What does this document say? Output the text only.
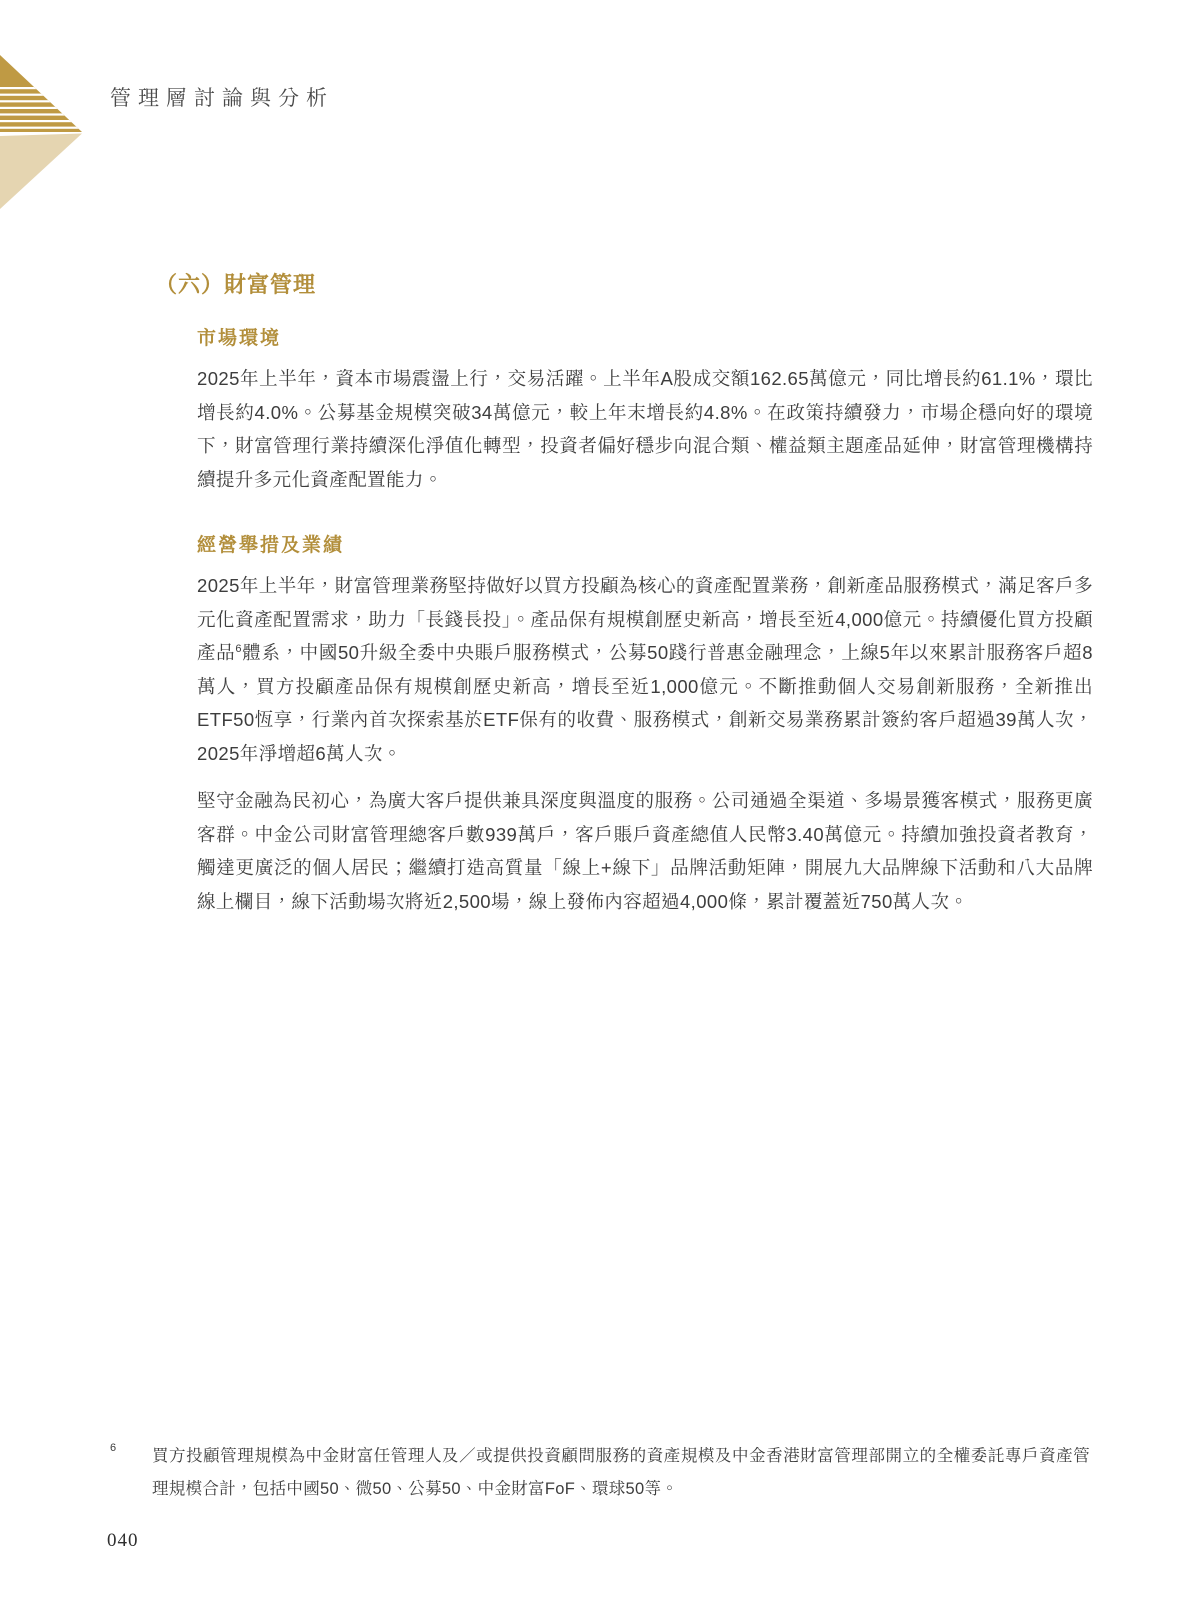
管理層討論與分析
（六）財富管理
市場環境

2025年上半年，資本市場震盪上行，交易活躍。上半年A股成交額162.65萬億元，同比增長約61.1%，環比增長約4.0%。公募基金規模突破34萬億元，較上年末增長約4.8%。在政策持續發力，市場企穩向好的環境下，財富管理行業持續深化淨值化轉型，投資者偏好穩步向混合類、權益類主題產品延伸，財富管理機構持續提升多元化資產配置能力。

經營舉措及業績

2025年上半年，財富管理業務堅持做好以買方投顧為核心的資產配置業務，創新產品服務模式，滿足客戶多元化資產配置需求，助力「長錢長投」。產品保有規模創歷史新高，增長至近4,000億元。持續優化買方投顧產品$^6$體系，中國50升級全委中央賬戶服務模式，公募50踐行普惠金融理念，上線5年以來累計服務客戶超8萬人，買方投顧產品保有規模創歷史新高，增長至近1,000億元。不斷推動個人交易創新服務，全新推出ETF50恆享，行業內首次探索基於ETF保有的收費、服務模式，創新交易業務累計簽約客戶超過39萬人次，2025年淨增超6萬人次。

堅守金融為民初心，為廣大客戶提供兼具深度與溫度的服務。公司通過全渠道、多場景獲客模式，服務更廣客群。中金公司財富管理總客戶數939萬戶，客戶賬戶資產總值人民幣3.40萬億元。持續加強投資者教育，觸達更廣泛的個人居民；繼續打造高質量「線上+線下」品牌活動矩陣，開展九大品牌線下活動和八大品牌線上欄目，線下活動場次將近2,500場，線上發佈內容超過4,000條，累計覆蓋近750萬人次。

6	買方投顧管理規模為中金財富任管理人及／或提供投資顧問服務的資產規模及中金香港財富管理部開立的全權委託專戶資產管理規模合計，包括中國50、微50、公募50、中金財富FoF、環球50等。
040
